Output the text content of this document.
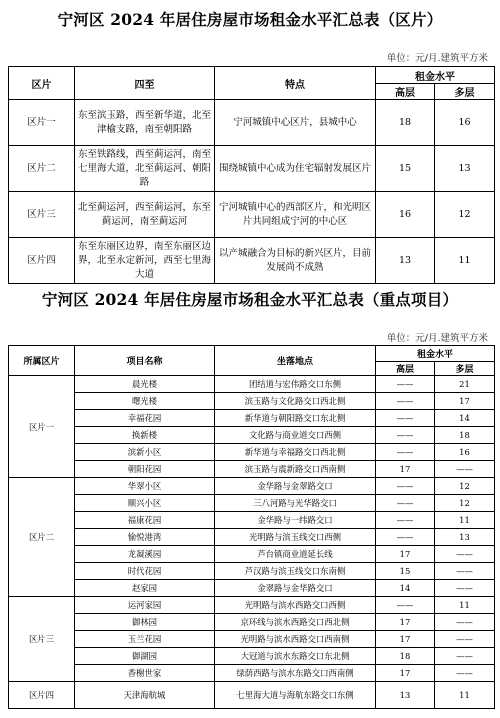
宁河区 2024 年居住房屋市场租金水平汇总表（区片）
单位：元/月.建筑平方米
区片	四至	特点	租金水平	
			高层	多层
区片一	东至滨玉路，西至新华道，北至津榆支路，南至朝阳路	宁河城镇中心区片，县城中心	18	16
区片二	东至铁路线，西至蓟运河，南至七里海大道，北至蓟运河、朝阳路	围绕城镇中心成为住宅辐射发展区片	15	13
区片三	北至蓟运河，西至蓟运河，东至蓟运河，南至蓟运河	宁河城镇中心的西部区片，和光明区片共同组成宁河的中心区	16	12
区片四	东至东丽区边界，南至东丽区边界，北至永定新河，西至七里海大道	以产城融合为目标的新兴区片，目前发展尚不成熟	13	11
宁河区 2024 年居住房屋市场租金水平汇总表（重点项目）
单位：元/月.建筑平方米
所属区片	项目名称	坐落地点	租金水平	
			高层	多层
区片一	晨光楼	团结道与宏伟路交口东侧	——	21
	曙光楼	滨玉路与文化路交口西北侧	——	17
	幸福花园	新华道与朝阳路交口东北侧	——	14
	换新楼	文化路与商业道交口西侧	——	18
	滨新小区	新华道与幸福路交口西北侧	——	16
	朝阳花园	滨玉路与震新路交口西南侧	17	——
区片二	华翠小区	金华路与金翠路交口	——	12
	顺兴小区	三八河路与光华路交口	——	12
	福康花园	金华路与一纬路交口	——	11
	愉悦港湾	光明路与滨玉线交口西侧	——	13
	龙凝溪园	芦台镇商业道延长线	17	——
	时代花园	芦汉路与滨玉线交口东南侧	15	——
	赵家园	金翠路与金华路交口	14	——
区片三	运河家园	光明路与滨水西路交口西侧	——	11
	御林园	京环线与滨水西路交口西北侧	17	——
	玉兰花园	光明路与滨水西路交口西南侧	17	——
	御湖园	大冠道与滨水东路交口东北侧	18	——
	香榭世家	绿荫西路与滨水东路交口西南侧	17	——
区片四	天津海航城	七里海大道与海航东路交口东侧	13	11
